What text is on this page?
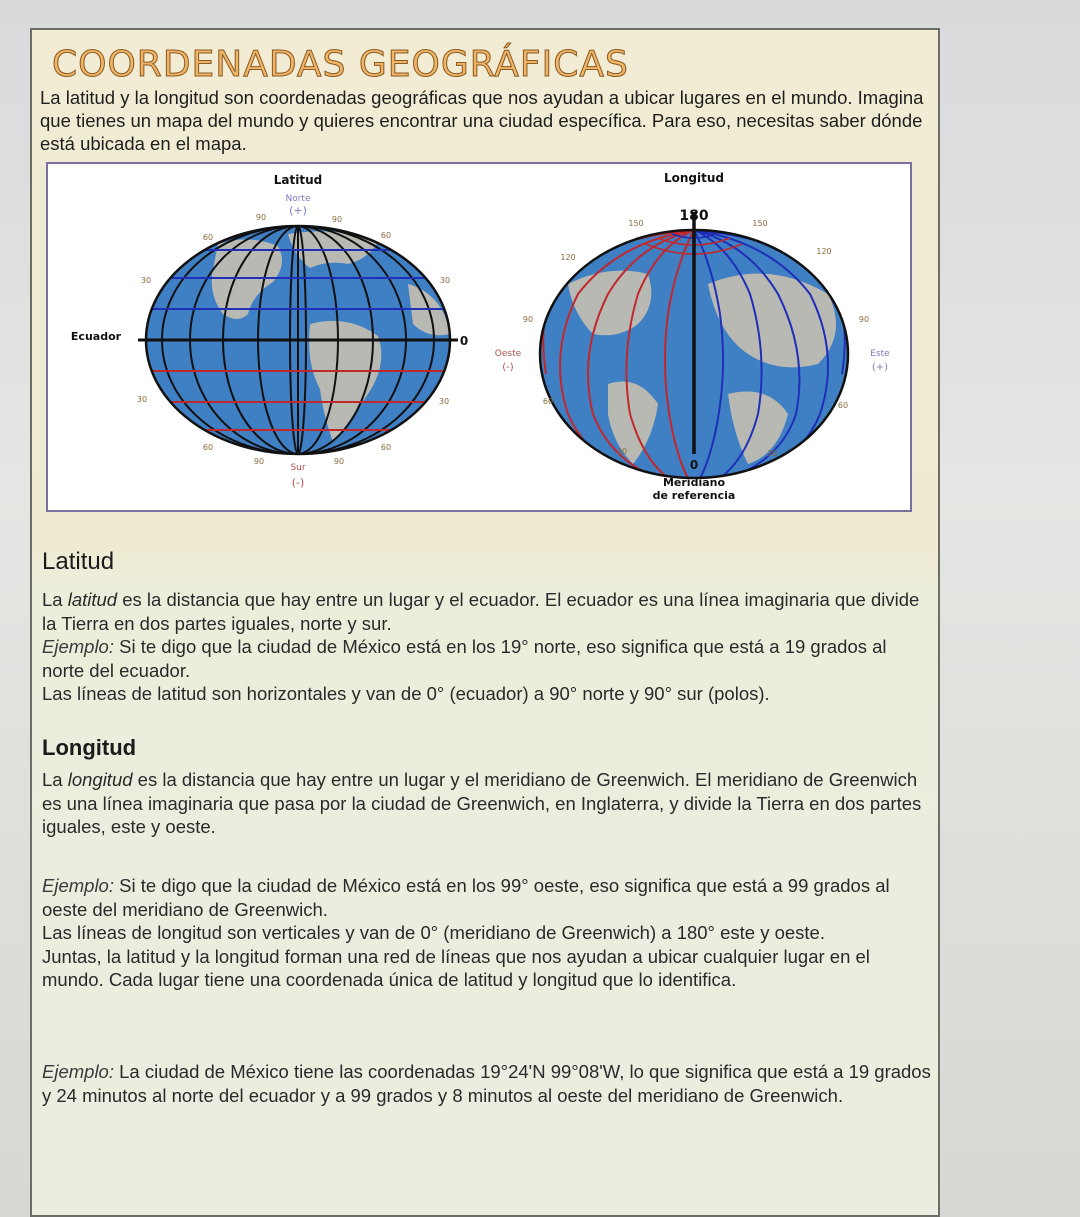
COORDENADAS GEOGRÁFICAS

La latitud y la longitud son coordenadas geográficas que nos ayudan a ubicar lugares en el mundo. Imagina que tienes un mapa del mundo y quieres encontrar una ciudad específica. Para eso, necesitas saber dónde está ubicada en el mapa.

Latitud
Norte
(+)
Sur
(-)
Ecuador	0
90	90
60	60
30	30
30	30
60	60
90	90
Longitud
180
Oeste
(-)
Este
(+)
0
Meridiano
de referencia
150	150
120
120
90	90
60	60
30	30
Latitud

La latitud es la distancia que hay entre un lugar y el ecuador. El ecuador es una línea imaginaria que divide la Tierra en dos partes iguales, norte y sur.
Ejemplo: Si te digo que la ciudad de México está en los 19° norte, eso significa que está a 19 grados al norte del ecuador.
Las líneas de latitud son horizontales y van de 0° (ecuador) a 90° norte y 90° sur (polos).

Longitud

La longitud es la distancia que hay entre un lugar y el meridiano de Greenwich. El meridiano de Greenwich es una línea imaginaria que pasa por la ciudad de Greenwich, en Inglaterra, y divide la Tierra en dos partes iguales, este y oeste.

Ejemplo: Si te digo que la ciudad de México está en los 99° oeste, eso significa que está a 99 grados al oeste del meridiano de Greenwich.
Las líneas de longitud son verticales y van de 0° (meridiano de Greenwich) a 180° este y oeste.
Juntas, la latitud y la longitud forman una red de líneas que nos ayudan a ubicar cualquier lugar en el mundo. Cada lugar tiene una coordenada única de latitud y longitud que lo identifica.

Ejemplo: La ciudad de México tiene las coordenadas 19°24'N 99°08'W, lo que significa que está a 19 grados y 24 minutos al norte del ecuador y a 99 grados y 8 minutos al oeste del meridiano de Greenwich.
